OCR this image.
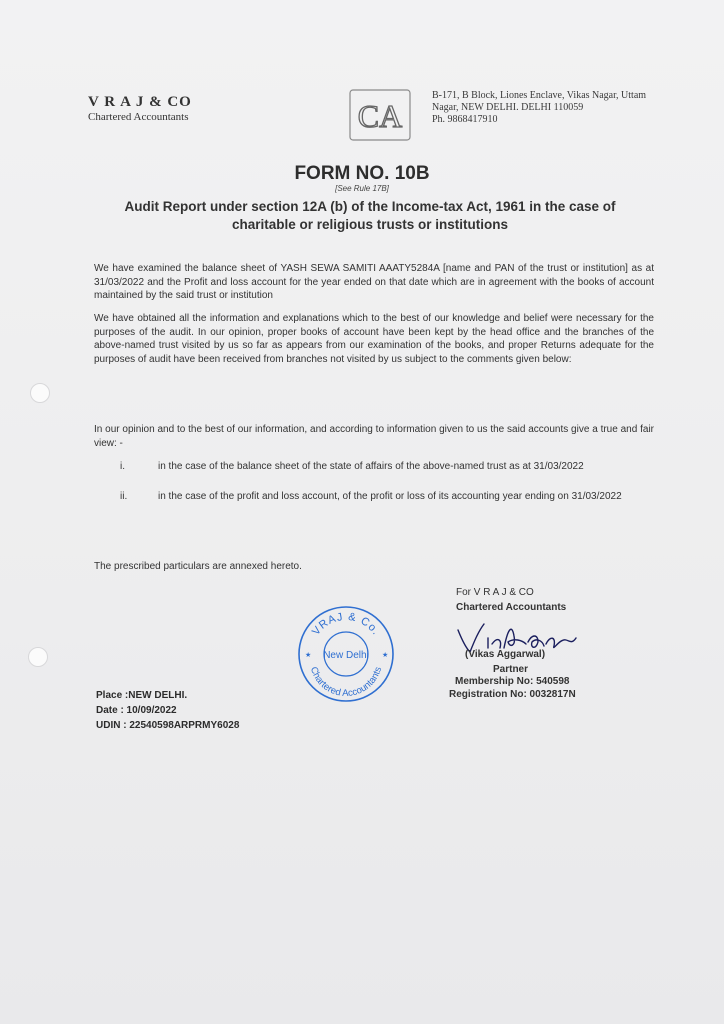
V R A J & CO
Chartered Accountants	CA
B-171, B Block, Liones Enclave, Vikas Nagar, Uttam
Nagar, NEW DELHI. DELHI 110059
Ph. 9868417910
FORM NO. 10B
[See Rule 17B]
Audit Report under section 12A (b) of the Income-tax Act, 1961 in the case of charitable or religious trusts or institutions
We have examined the balance sheet of YASH SEWA SAMITI AAATY5284A [name and PAN of the trust or institution] as at 31/03/2022 and the Profit and loss account for the year ended on that date which are in agreement with the books of account maintained by the said trust or institution
We have obtained all the information and explanations which to the best of our knowledge and belief were necessary for the purposes of the audit. In our opinion, proper books of account have been kept by the head office and the branches of the above-named trust visited by us so far as appears from our examination of the books, and proper Returns adequate for the purposes of audit have been received from branches not visited by us subject to the comments given below:
In our opinion and to the best of our information, and according to information given to us the said accounts give a true and fair view: -
i.	in the case of the balance sheet of the state of affairs of the above-named trust as at 31/03/2022
ii.	in the case of the profit and loss account, of the profit or loss of its accounting year ending on 31/03/2022
The prescribed particulars are annexed hereto.
For V R A J & CO
Chartered Accountants
(Vikas Aggarwal)
Partner
Membership No: 540598
Registration No: 0032817N
VRAJ & Co.
New Delhi
Chartered Accountants
★	★
Place :NEW DELHI.
Date : 10/09/2022
UDIN : 22540598ARPRMY6028
